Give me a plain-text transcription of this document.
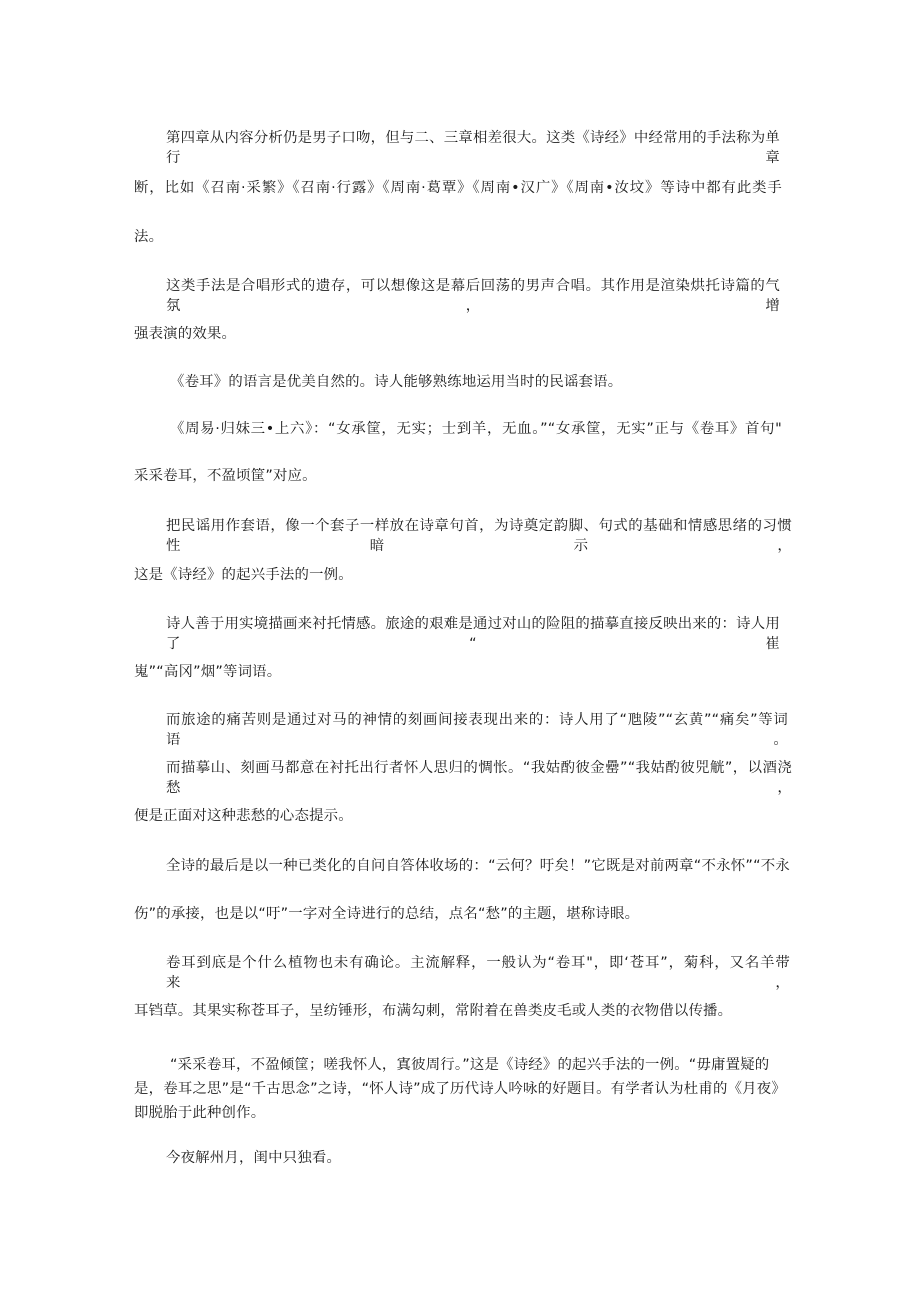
第四章从内容分析仍是男子口吻，但与二、三章相差很大。这类《诗经》中经常用的手法称为单行章
断，比如《召南·采繁》《召南·行露》《周南·葛覃》《周南•汉广》《周南•汝坟》等诗中都有此类手
法。
这类手法是合唱形式的遗存，可以想像这是幕后回荡的男声合唱。其作用是渲染烘托诗篇的气氛，增
强表演的效果。
《卷耳》的语言是优美自然的。诗人能够熟练地运用当时的民谣套语。
《周易·归妹三•上六》：“女承筐，无实；士到羊，无血。”“女承筐，无实”正与《卷耳》首句"
采采卷耳，不盈顷筐”对应。
把民谣用作套语，像一个套子一样放在诗章句首，为诗奠定韵脚、句式的基础和情感思绪的习惯性暗示，
这是《诗经》的起兴手法的一例。
诗人善于用实境描画来衬托情感。旅途的艰难是通过对山的险阻的描摹直接反映出来的：诗人用了“崔
嵬”“高冈”烟”等词语。
而旅途的痛苦则是通过对马的神情的刻画间接表现出来的：诗人用了“虺陵”“玄黄”“痛矣”等词语。
而描摹山、刻画马都意在衬托出行者怀人思归的惆怅。“我姑酌彼金罍”“我姑酌彼兕觥”，以酒浇愁，
便是正面对这种悲愁的心态提示。
全诗的最后是以一种已类化的自问自答体收场的：“云何？吁矣！”它既是对前两章“不永怀”“不永
伤”的承接，也是以“吁”一字对全诗进行的总结，点名“愁”的主题，堪称诗眼。
卷耳到底是个什么植物也未有确论。主流解释，一般认为“卷耳"，即‘苍耳”，菊科，又名羊带来，
耳铛草。其果实称苍耳子，呈纺锤形，布满勾刺，常附着在兽类皮毛或人类的衣物借以传播。
“采采卷耳，不盈倾筐；嗟我怀人，寘彼周行。”这是《诗经》的起兴手法的一例。“毋庸置疑的
是，卷耳之思”是“千古思念”之诗，“怀人诗”成了历代诗人吟咏的好题目。有学者认为杜甫的《月夜》
即脱胎于此种创作。
今夜解州月，闺中只独看。
